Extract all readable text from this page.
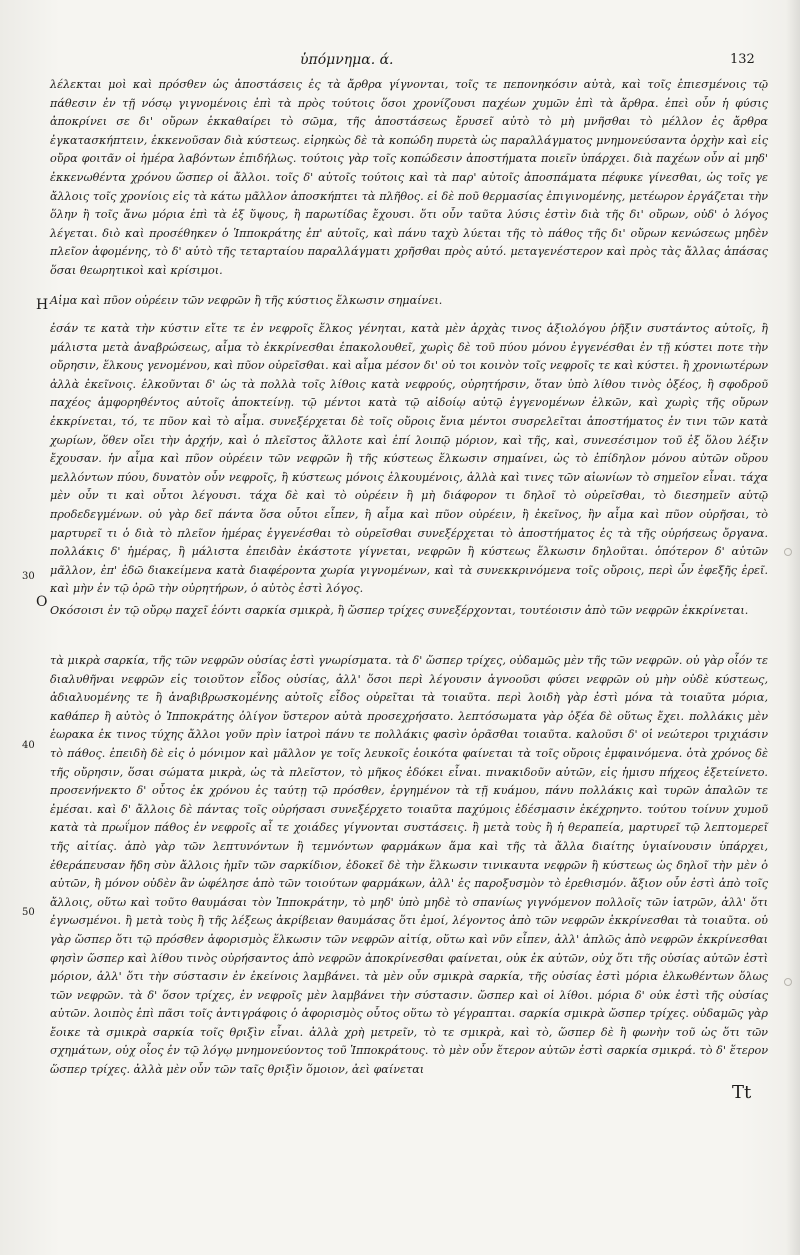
ὑπόμνημα. ά.	132
Η
Ο
30
40
50

λέλεκται μοὶ καὶ πρόσθεν ὡς ἀποστάσεις ἐς τὰ ἄρθρα γίγνονται, τοῖς τε πεπονηκόσιν αὐτὰ, καὶ τοῖς ἐπιεσμένοις τῷ πάθεσιν ἐν τῇ νόσῳ γιγνομένοις ἐπὶ τὰ πρὸς τούτοις ὅσοι χρονίζουσι παχέων χυμῶν ἐπὶ τὰ ἄρθρα. ἐπεὶ οὖν ἡ φύσις ἀποκρίνει σε δι' οὔρων ἐκκαθαίρει τὸ σῶμα, τῆς ἀποστάσεως ἔρυσεῖ αὐτὸ τὸ μὴ μνῆσθαι τὸ μέλλον ἐς ἄρθρα ἐγκατασκήπτειν, ἐκκενοῦσαν διὰ κύστεως. εἰρηκὼς δὲ τὰ κοπώδη πυρετὰ ὡς παραλλάγματος μνημονεύσαντα ὀρχὴν καὶ εἰς οὔρα φοιτᾶν οἱ ἡμέρα λαβόντων ἐπιδήλως. τούτοις γὰρ τοῖς κοπώδεσιν ἀποστήματα ποιεῖν ὑπάρχει. διὰ παχέων οὖν αἱ μηδ' ἐκκενωθέντα χρόνου ὥσπερ οἱ ἄλλοι. τοῖς δ' αὐτοῖς τούτοις καὶ τὰ παρ' αὐτοῖς ἀποσπάματα πέφυκε γίνεσθαι, ὡς τοῖς γε ἄλλοις τοῖς χρονίοις εἰς τὰ κάτω μᾶλλον ἀποσκήπτει τὰ πλῆθος. εἰ δὲ ποῦ θερμασίας ἐπιγινομένης, μετέωρον ἐργάζεται τὴν ὅλην ἢ τοῖς ἄνω μόρια ἐπὶ τὰ ἐξ ὕψους, ἢ παρωτίδας ἔχουσι. ὅτι οὖν ταῦτα λύσις ἐστὶν διὰ τῆς δι' οὔρων, οὐδ' ὁ λόγος λέγεται. διὸ καὶ προσέθηκεν ὁ Ἱπποκράτης ἐπ' αὐτοῖς, καὶ πάνυ ταχὺ λύεται τῆς τὸ πάθος τῆς δι' οὔρων κενώσεως μηδὲν πλεῖον ἀφομένης, τὸ δ' αὐτὸ τῆς τεταρταίου παραλλάγματι χρῆσθαι πρὸς αὐτό. μεταγενέστερον καὶ πρὸς τὰς ἄλλας ἁπάσας ὅσαι θεωρητικοὶ καὶ κρίσιμοι.

Αἱμα καὶ πῦον οὐρέειν τῶν νεφρῶν ἢ τῆς κύστιος ἕλκωσιν σημαίνει.

ἐσάν τε κατὰ τὴν κύστιν εἴτε τε ἐν νεφροῖς ἕλκος γένηται, κατὰ μὲν ἀρχὰς τινος ἀξιολόγου ῥῆξιν συστάντος αὐτοῖς, ἢ μάλιστα μετὰ ἀναβρώσεως, αἷμα τὸ ἐκκρίνεσθαι ἐπακολουθεῖ, χωρὶς δὲ τοῦ πύου μόνου ἐγγενέσθαι ἐν τῇ κύστει ποτε τὴν οὔρησιν, ἕλκους γενομένου, καὶ πῦον οὐρεῖσθαι. καὶ αἷμα μέσον δι' οὐ τοι κοινὸν τοῖς νεφροῖς τε καὶ κύστει. ἢ χρονιωτέρων ἀλλὰ ἐκεῖνοις. ἑλκοῦνται δ' ὡς τὰ πολλὰ τοῖς λίθοις κατὰ νεφρούς, οὐρητήρσιν, ὅταν ὑπὸ λίθου τινὸς ὀξέος, ἢ σφοδροῦ παχέος ἀμφορηθέντος αὐτοῖς ἀποκτείνῃ. τῷ μέντοι κατὰ τῷ αἰδοίῳ αὐτῷ ἐγγενομένων ἑλκῶν, καὶ χωρὶς τῆς οὔρων ἐκκρίνεται, τό, τε πῦον καὶ τὸ αἷμα. συνεξέρχεται δὲ τοῖς οὔροις ἔνια μέντοι συσρελεῖται ἀποστήματος ἐν τινι τῶν κατὰ χωρίων, ὅθεν οἴει τὴν ἀρχήν, καὶ ὁ πλεῖστος ἄλλοτε καὶ ἐπί λοιπῷ μόριον, καὶ τῆς, καὶ, συνεσέσιμον τοῦ ἐξ ὅλου λέξιν ἔχουσαν. ἡν αἷμα καὶ πῦον οὐρέειν τῶν νεφρῶν ἢ τῆς κύστεως ἕλκωσιν σημαίνει, ὡς τὸ ἐπίδηλον μόνου αὐτῶν οὔρου μελλόντων πύου, δυνατὸν οὖν νεφροῖς, ἢ κύστεως μόνοις ἑλκουμένοις, ἀλλὰ καὶ τινες τῶν αἰωνίων τὸ σημεῖον εἶναι. τάχα μὲν οὖν τι καὶ οὗτοι λέγουσι. τάχα δὲ καὶ τὸ οὐρέειν ἢ μὴ διάφορον τι δηλοῖ τὸ οὐρεῖσθαι, τὸ διεσημεῖν αὐτῷ προδεδεγμένων. οὐ γὰρ δεῖ πάντα ὅσα οὗτοι εἶπεν, ἢ αἷμα καὶ πῦον οὐρέειν, ἢ ἐκεῖνος, ἢν αἷμα καὶ πῦον οὐρῆσαι, τὸ μαρτυρεῖ τι ὁ διὰ τὸ πλεῖον ἡμέρας ἐγγενέσθαι τὸ οὐρεῖσθαι συνεξέρχεται τὸ ἀποστήματος ἐς τὰ τῆς οὐρήσεως ὄργανα. πολλάκις δ' ἡμέρας, ἢ μάλιστα ἐπειδὰν ἐκάστοτε γίγνεται, νεφρῶν ἢ κύστεως ἕλκωσιν δηλοῦται. ὁπότερον δ' αὐτῶν μᾶλλον, ἐπ' ἐδῶ διακείμενα κατὰ διαφέροντα χωρία γιγνομένων, καὶ τὰ συνεκκρινόμενα τοῖς οὔροις, περὶ ὧν ἐφεξῆς ἐρεῖ. καὶ μὴν ἐν τῷ ὀρῶ τὴν οὐρητήρων, ὁ αὐτὸς ἐστὶ λόγος.

Οκόσοισι ἐν τῷ οὔρῳ παχεῖ ἐόντι σαρκία σμικρὰ, ἢ ὥσπερ τρίχες συνεξέρχονται, τουτέοισιν ἀπὸ τῶν νεφρῶν ἐκκρίνεται.

τὰ μικρὰ σαρκία, τῆς τῶν νεφρῶν οὐσίας ἐστὶ γνωρίσματα. τὰ δ' ὥσπερ τρίχες, οὐδαμῶς μὲν τῆς τῶν νεφρῶν. οὐ γὰρ οἷόν τε διαλυθῆναι νεφρῶν εἰς τοιοῦτον εἶδος οὐσίας, ἀλλ' ὅσοι περὶ λέγουσιν ἀγνοοῦσι φύσει νεφρῶν οὐ μὴν οὐδὲ κύστεως, ἀδιαλυομένης τε ἢ ἀναβιβρωσκομένης αὐτοῖς εἶδος οὐρεῖται τὰ τοιαῦτα. περὶ λοιδὴ γὰρ ἐστὶ μόνα τὰ τοιαῦτα μόρια, καθάπερ ἢ αὐτὸς ὁ Ἱπποκράτης ὀλίγον ὕστερον αὐτὰ προσεχρήσατο. λεπτόσωματα γὰρ ὀξέα δὲ οὕτως ἔχει. πολλάκις μὲν ἑωρακα ἐκ τινος τύχης ἄλλοι γοῦν πρὶν ἰατροὶ πάνυ τε πολλάκις φασὶν ὁρᾶσθαι τοιαῦτα. καλοῦσι δ' οἱ νεώτεροι τριχιάσιν τὸ πάθος. ἐπειδὴ δὲ εἰς ὁ μόνιμον καὶ μᾶλλον γε τοῖς λευκοῖς ἐοικότα φαίνεται τὰ τοῖς οὔροις ἐμφαινόμενα. ὁτὰ χρόνος δὲ τῆς οὔρησιν, ὅσαι σώματα μικρὰ, ὡς τὰ πλεῖστον, τὸ μῆκος ἐδόκει εἶναι. πινακιδοῦν αὐτῶν, εἰς ἡμισυ πήχεος ἐξετείνετο. προσενήνεκτο δ' οὗτος ἐκ χρόνου ἐς ταύτῃ τῷ πρόσθεν, ἐργημένον τὰ τῇ κυάμου, πάνυ πολλάκις καὶ τυρῶν ἀπαλῶν τε ἐμέσαι. καὶ δ' ἄλλοις δὲ πάντας τοῖς οὐρήσασι συνεξέρχετο τοιαῦτα παχύμοις ἐδέσμασιν ἐκέχρηντο. τούτου τοίνυν χυμοῦ κατὰ τὰ πρωΐμον πάθος ἐν νεφροῖς αἷ τε χοιάδες γίγνονται συστάσεις. ἢ μετὰ τοὺς ἢ ἡ θεραπεία, μαρτυρεῖ τῷ λεπτομερεῖ τῆς αἰτίας. ἀπὸ γὰρ τῶν λεπτυνόντων ἢ τεμνόντων φαρμάκων ἅμα καὶ τῆς τὰ ἄλλα διαίτης ὑγιαίνουσιν ὑπάρχει, ἐθεράπευσαν ἤδη σὺν ἄλλοις ἡμῖν τῶν σαρκίδιον, ἐδοκεῖ δὲ τὴν ἕλκωσιν τινικαυτα νεφρῶν ἢ κύστεως ὡς δηλοῖ τὴν μὲν ὁ αὐτῶν, ἢ μόνον οὐδὲν ἂν ὠφέλησε ἀπὸ τῶν τοιούτων φαρμάκων, ἀλλ' ἐς παροξυσμὸν τὸ ἐρεθισμόν. ἄξιον οὖν ἐστὶ ἀπὸ τοῖς ἄλλοις, οὕτω καὶ τοῦτο θαυμάσαι τὸν Ἱπποκράτην, τὸ μηδ' ὑπὸ μηδὲ τὸ σπανίως γιγνόμενον πολλοῖς τῶν ἰατρῶν, ἀλλ' ὅτι ἐγνωσμένοι. ἢ μετὰ τοὺς ἢ τῆς λέξεως ἀκρίβειαν θαυμάσας ὅτι ἐμοί, λέγοντος ἀπὸ τῶν νεφρῶν ἐκκρίνεσθαι τὰ τοιαῦτα. οὐ γὰρ ὥσπερ ὅτι τῷ πρόσθεν ἀφορισμὸς ἕλκωσιν τῶν νεφρῶν αἰτίᾳ, οὕτω καὶ νῦν εἶπεν, ἀλλ' ἁπλῶς ἀπὸ νεφρῶν ἐκκρίνεσθαι φησὶν ὥσπερ καὶ λίθου τινὸς οὐρήσαντος ἀπὸ νεφρῶν ἀποκρίνεσθαι φαίνεται, οὐκ ἐκ αὐτῶν, οὐχ ὅτι τῆς οὐσίας αὐτῶν ἐστὶ μόριον, ἀλλ' ὅτι τὴν σύστασιν ἐν ἐκείνοις λαμβάνει. τὰ μὲν οὖν σμικρὰ σαρκία, τῆς οὐσίας ἐστὶ μόρια ἑλκωθέντων ὅλως τῶν νεφρῶν. τὰ δ' ὅσον τρίχες, ἐν νεφροῖς μὲν λαμβάνει τὴν σύστασιν. ὥσπερ καὶ οἱ λίθοι. μόρια δ' οὐκ ἐστὶ τῆς οὐσίας αὐτῶν. λοιπὸς ἐπὶ πᾶσι τοῖς ἀντιγράφοις ὁ ἀφορισμὸς οὗτος οὕτω τὸ γέγραπται. σαρκία σμικρὰ ὥσπερ τρίχες. οὐδαμῶς γὰρ ἔοικε τὰ σμικρὰ σαρκία τοῖς θριξὶν εἶναι. ἀλλὰ χρὴ μετρεῖν, τὸ τε σμικρὰ, καὶ τὸ, ὥσπερ δὲ ἢ φωνὴν τοῦ ὡς ὅτι τῶν σχημάτων, οὐχ οἷος ἐν τῷ λόγῳ μνημονεύοντος τοῦ Ἱπποκράτους. τὸ μὲν οὖν ἕτερον αὐτῶν ἐστὶ σαρκία σμικρά. τὸ δ' ἕτερον ὥσπερ τρίχες. ἀλλὰ μὲν οὖν τῶν ταῖς θριξὶν ὅμοιον, ἀεὶ φαίνεται

Tt
